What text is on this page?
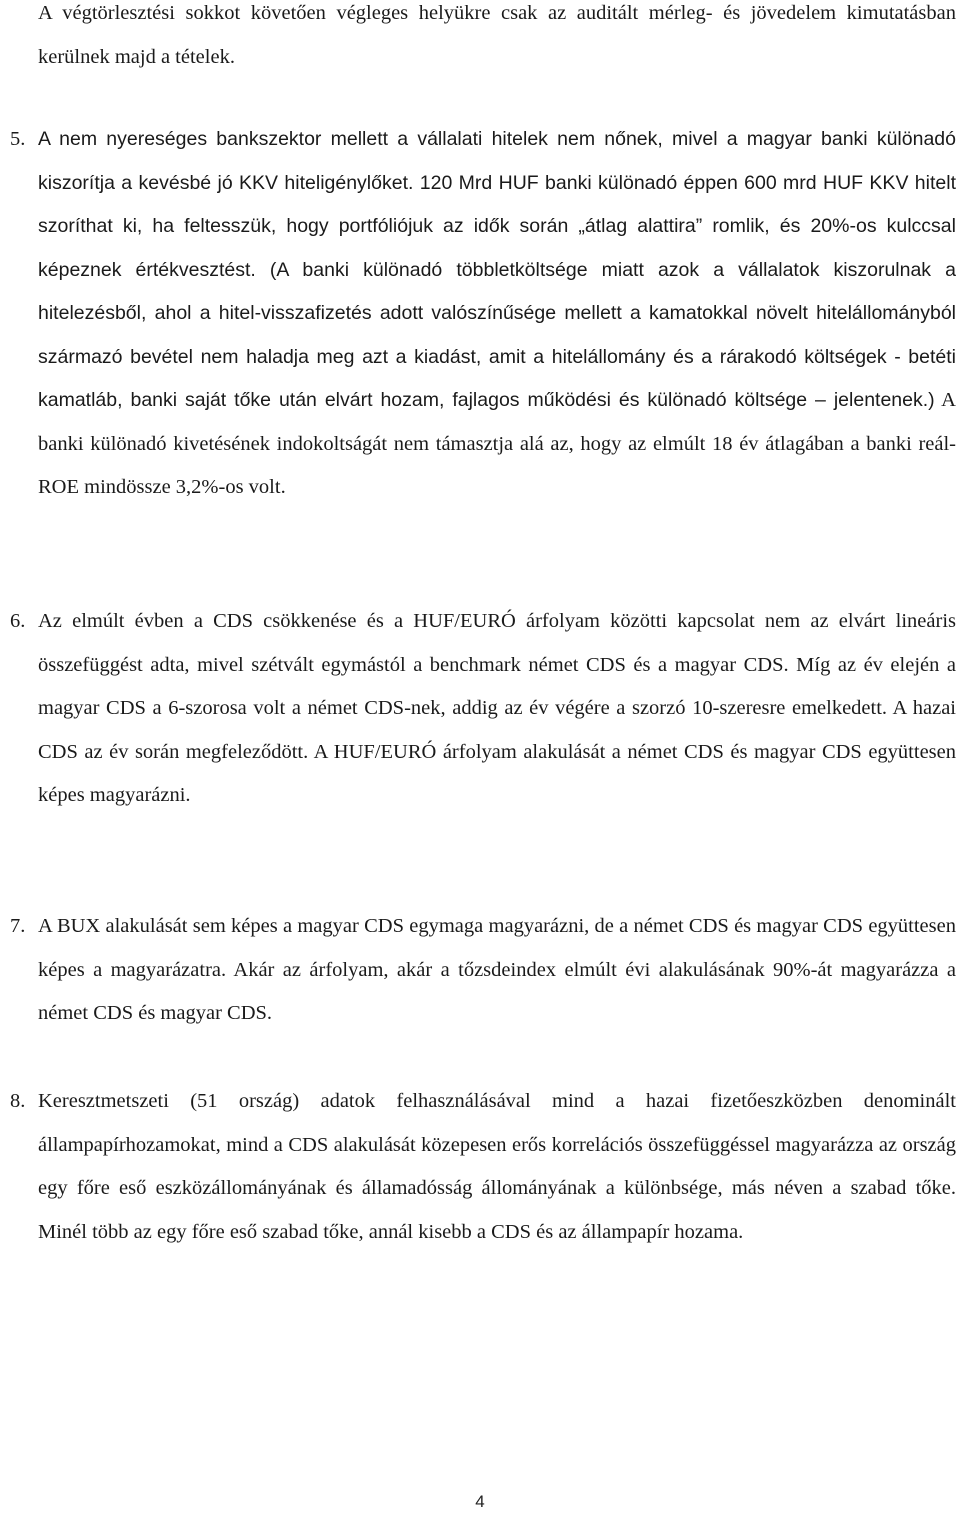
A végtörlesztési sokkot követően végleges helyükre csak az auditált mérleg- és jövedelem kimutatásban kerülnek majd a tételek.
5. A nem nyereséges bankszektor mellett a vállalati hitelek nem nőnek, mivel a magyar banki különadó kiszorítja a kevésbé jó KKV hiteligénylőket. 120 Mrd HUF banki különadó éppen 600 mrd HUF KKV hitelt szoríthat ki, ha feltesszük, hogy portfóliójuk az idők során „átlag alattira” romlik, és 20%-os kulccsal képeznek értékvesztést. (A banki különadó többletköltsége miatt azok a vállalatok kiszorulnak a hitelezésből, ahol a hitel-visszafizetés adott valószínűsége mellett a kamatokkal növelt hitelállományból származó bevétel nem haladja meg azt a kiadást, amit a hitelállomány és a rárakodó költségek - betéti kamatláb, banki saját tőke után elvárt hozam, fajlagos működési és különadó költsége – jelentenek.) A banki különadó kivetésének indokoltságát nem támasztja alá az, hogy az elmúlt 18 év átlagában a banki reál-ROE mindössze 3,2%-os volt.
6. Az elmúlt évben a CDS csökkenése és a HUF/EURÓ árfolyam közötti kapcsolat nem az elvárt lineáris összefüggést adta, mivel szétvált egymástól a benchmark német CDS és a magyar CDS. Míg az év elején a magyar CDS a 6-szorosa volt a német CDS-nek, addig az év végére a szorzó 10-szeresre emelkedett. A hazai CDS az év során megfeleződött. A HUF/EURÓ árfolyam alakulását a német CDS és magyar CDS együttesen képes magyarázni.
7. A BUX alakulását sem képes a magyar CDS egymaga magyarázni, de a német CDS és magyar CDS együttesen képes a magyarázatra. Akár az árfolyam, akár a tőzsdeindex elmúlt évi alakulásának 90%-át magyarázza a német CDS és magyar CDS.
8. Keresztmetszeti (51 ország) adatok felhasználásával mind a hazai fizetőeszközben denominált állampapírhozamokat, mind a CDS alakulását közepesen erős korrelációs összefüggéssel magyarázza az ország egy főre eső eszközállományának és államadósság állományának a különbsége, más néven a szabad tőke. Minél több az egy főre eső szabad tőke, annál kisebb a CDS és az állampapír hozama.
4
